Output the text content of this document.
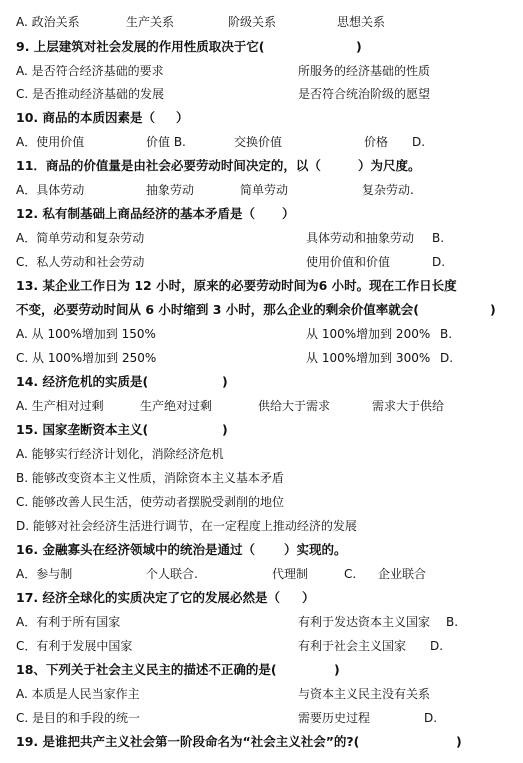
A. 政治关系	生产关系	阶级关系	思想关系
9. 上层建筑对社会发展的作用性质取决于它(	)
A. 是否符合经济基础的要求	所服务的经济基础的性质
C. 是否推动经济基础的发展	是否符合统治阶级的愿望
10. 商品的本质因素是（ ）
A．使用价值	价值 B.	交换价值	价格 D.
11．商品的价值量是由社会必要劳动时间决定的，以（	）为尺度。
A．具体劳动	抽象劳动	简单劳动	复杂劳动.
12. 私有制基础上商品经济的基本矛盾是（ ）
A．简单劳动和复杂劳动	具体劳动和抽象劳动 B.
C．私人劳动和社会劳动	使用价值和价值	D.
13. 某企业工作日为 12 小时，原来的必要劳动时间为6 小时。现在工作日长度
不变，必要劳动时间从 6 小时缩到 3 小时，那么企业的剩余价值率就会(	)
A. 从 100%增加到 150%	从 100%增加到 200% B.
C. 从 100%增加到 250%	从 100%增加到 300% D.
14. 经济危机的实质是(	)
A. 生产相对过剩	生产绝对过剩	供给大于需求	需求大于供给
15. 国家垄断资本主义(	)
A. 能够实行经济计划化，消除经济危机
B. 能够改变资本主义性质，消除资本主义基本矛盾
C. 能够改善人民生活，使劳动者摆脱受剥削的地位
D. 能够对社会经济生活进行调节，在一定程度上推动经济的发展
16. 金融寡头在经济领域中的统治是通过（ ）实现的。
A．参与制	个人联合.	代理制	C. 企业联合
17. 经济全球化的实质决定了它的发展必然是（ ）
A．有利于所有国家	有利于发达资本主义国家 B.
C．有利于发展中国家	有利于社会主义国家 D.
18、下列关于社会主义民主的描述不正确的是(	)
A. 本质是人民当家作主	与资本主义民主没有关系
C. 是目的和手段的统一	需要历史过程	D.
19. 是谁把共产主义社会第一阶段命名为“社会主义社会”的?(	)
